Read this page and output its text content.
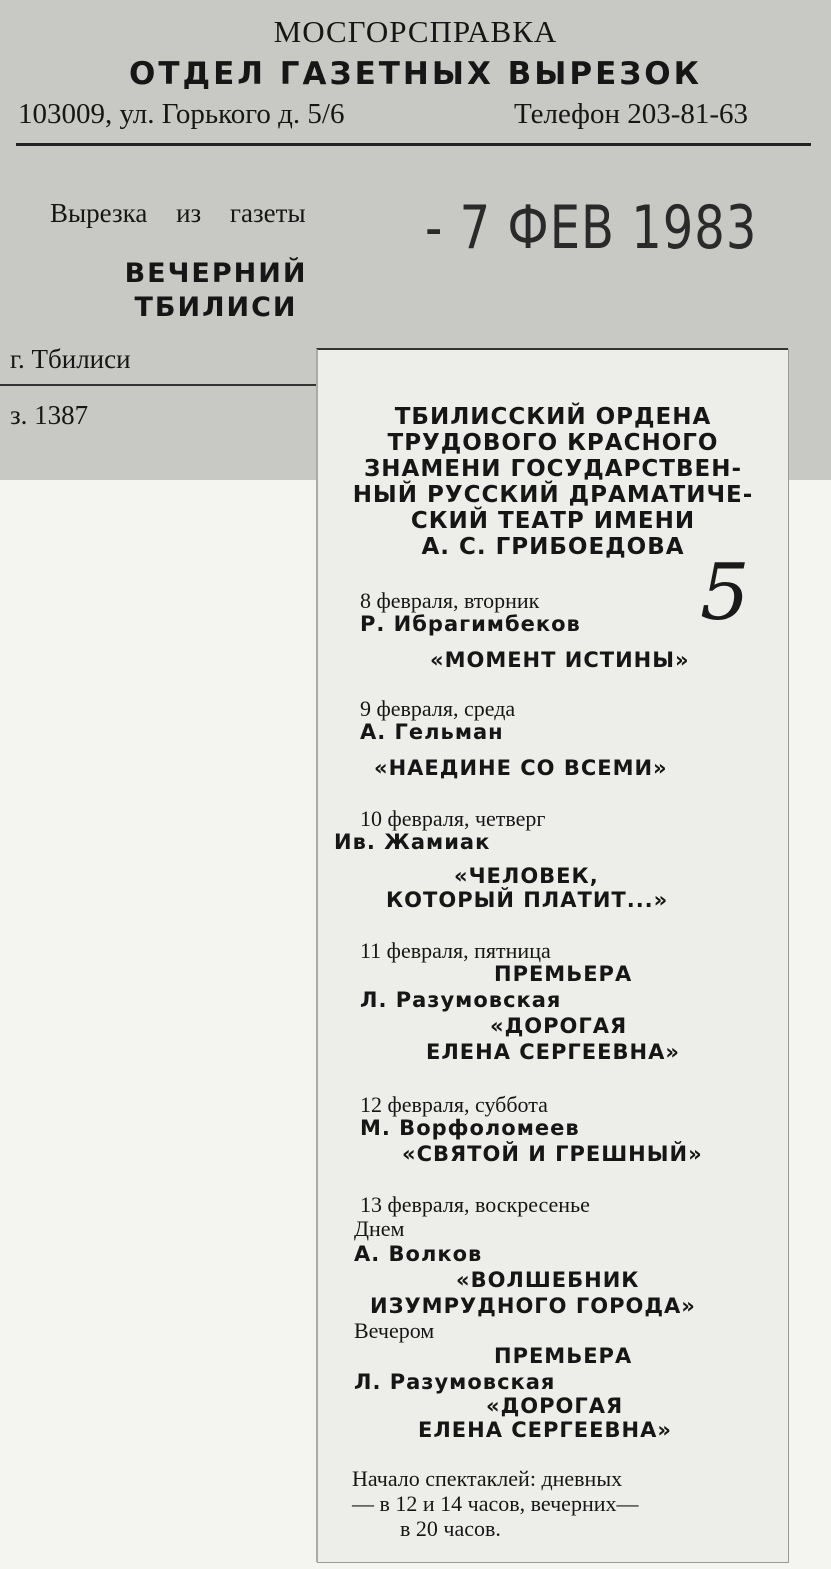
МОСГОРСПРАВКА
ОТДЕЛ ГАЗЕТНЫХ ВЫРЕЗОК
103009, ул. Горького д. 5/6	Телефон 203-81-63
Вырезка из газеты - 7 ФЕВ 1983
ВЕЧЕРНИЙ
ТБИЛИСИ
г. Тбилиси
з. 1387	ТБИЛИССКИЙ ОРДЕНА
ТРУДОВОГО КРАСНОГО
ЗНАМЕНИ ГОСУДАРСТВЕН-
НЫЙ РУССКИЙ ДРАМАТИЧЕ-
СКИЙ ТЕАТР ИМЕНИ
А. С. ГРИБОЕДОВА
8 февраля, вторник
Р. Ибрагимбеков
«МОМЕНТ ИСТИНЫ»
9 февраля, среда
А. Гельман
«НАЕДИНЕ СО ВСЕМИ»
10 февраля, четверг
Ив. Жамиак
«ЧЕЛОВЕК,
КОТОРЫЙ ПЛАТИТ...»
11 февраля, пятница
ПРЕМЬЕРА
Л. Разумовская
«ДОРОГАЯ
ЕЛЕНА СЕРГЕЕВНА»
12 февраля, суббота
М. Ворфоломеев
«СВЯТОЙ И ГРЕШНЫЙ»
13 февраля, воскресенье
Днем
А. Волков
«ВОЛШЕБНИК
ИЗУМРУДНОГО ГОРОДА»
Вечером
ПРЕМЬЕРА
Л. Разумовская
«ДОРОГАЯ
ЕЛЕНА СЕРГЕЕВНА»
Начало спектаклей: дневных
— в 12 и 14 часов, вечерних—
в 20 часов.
5
